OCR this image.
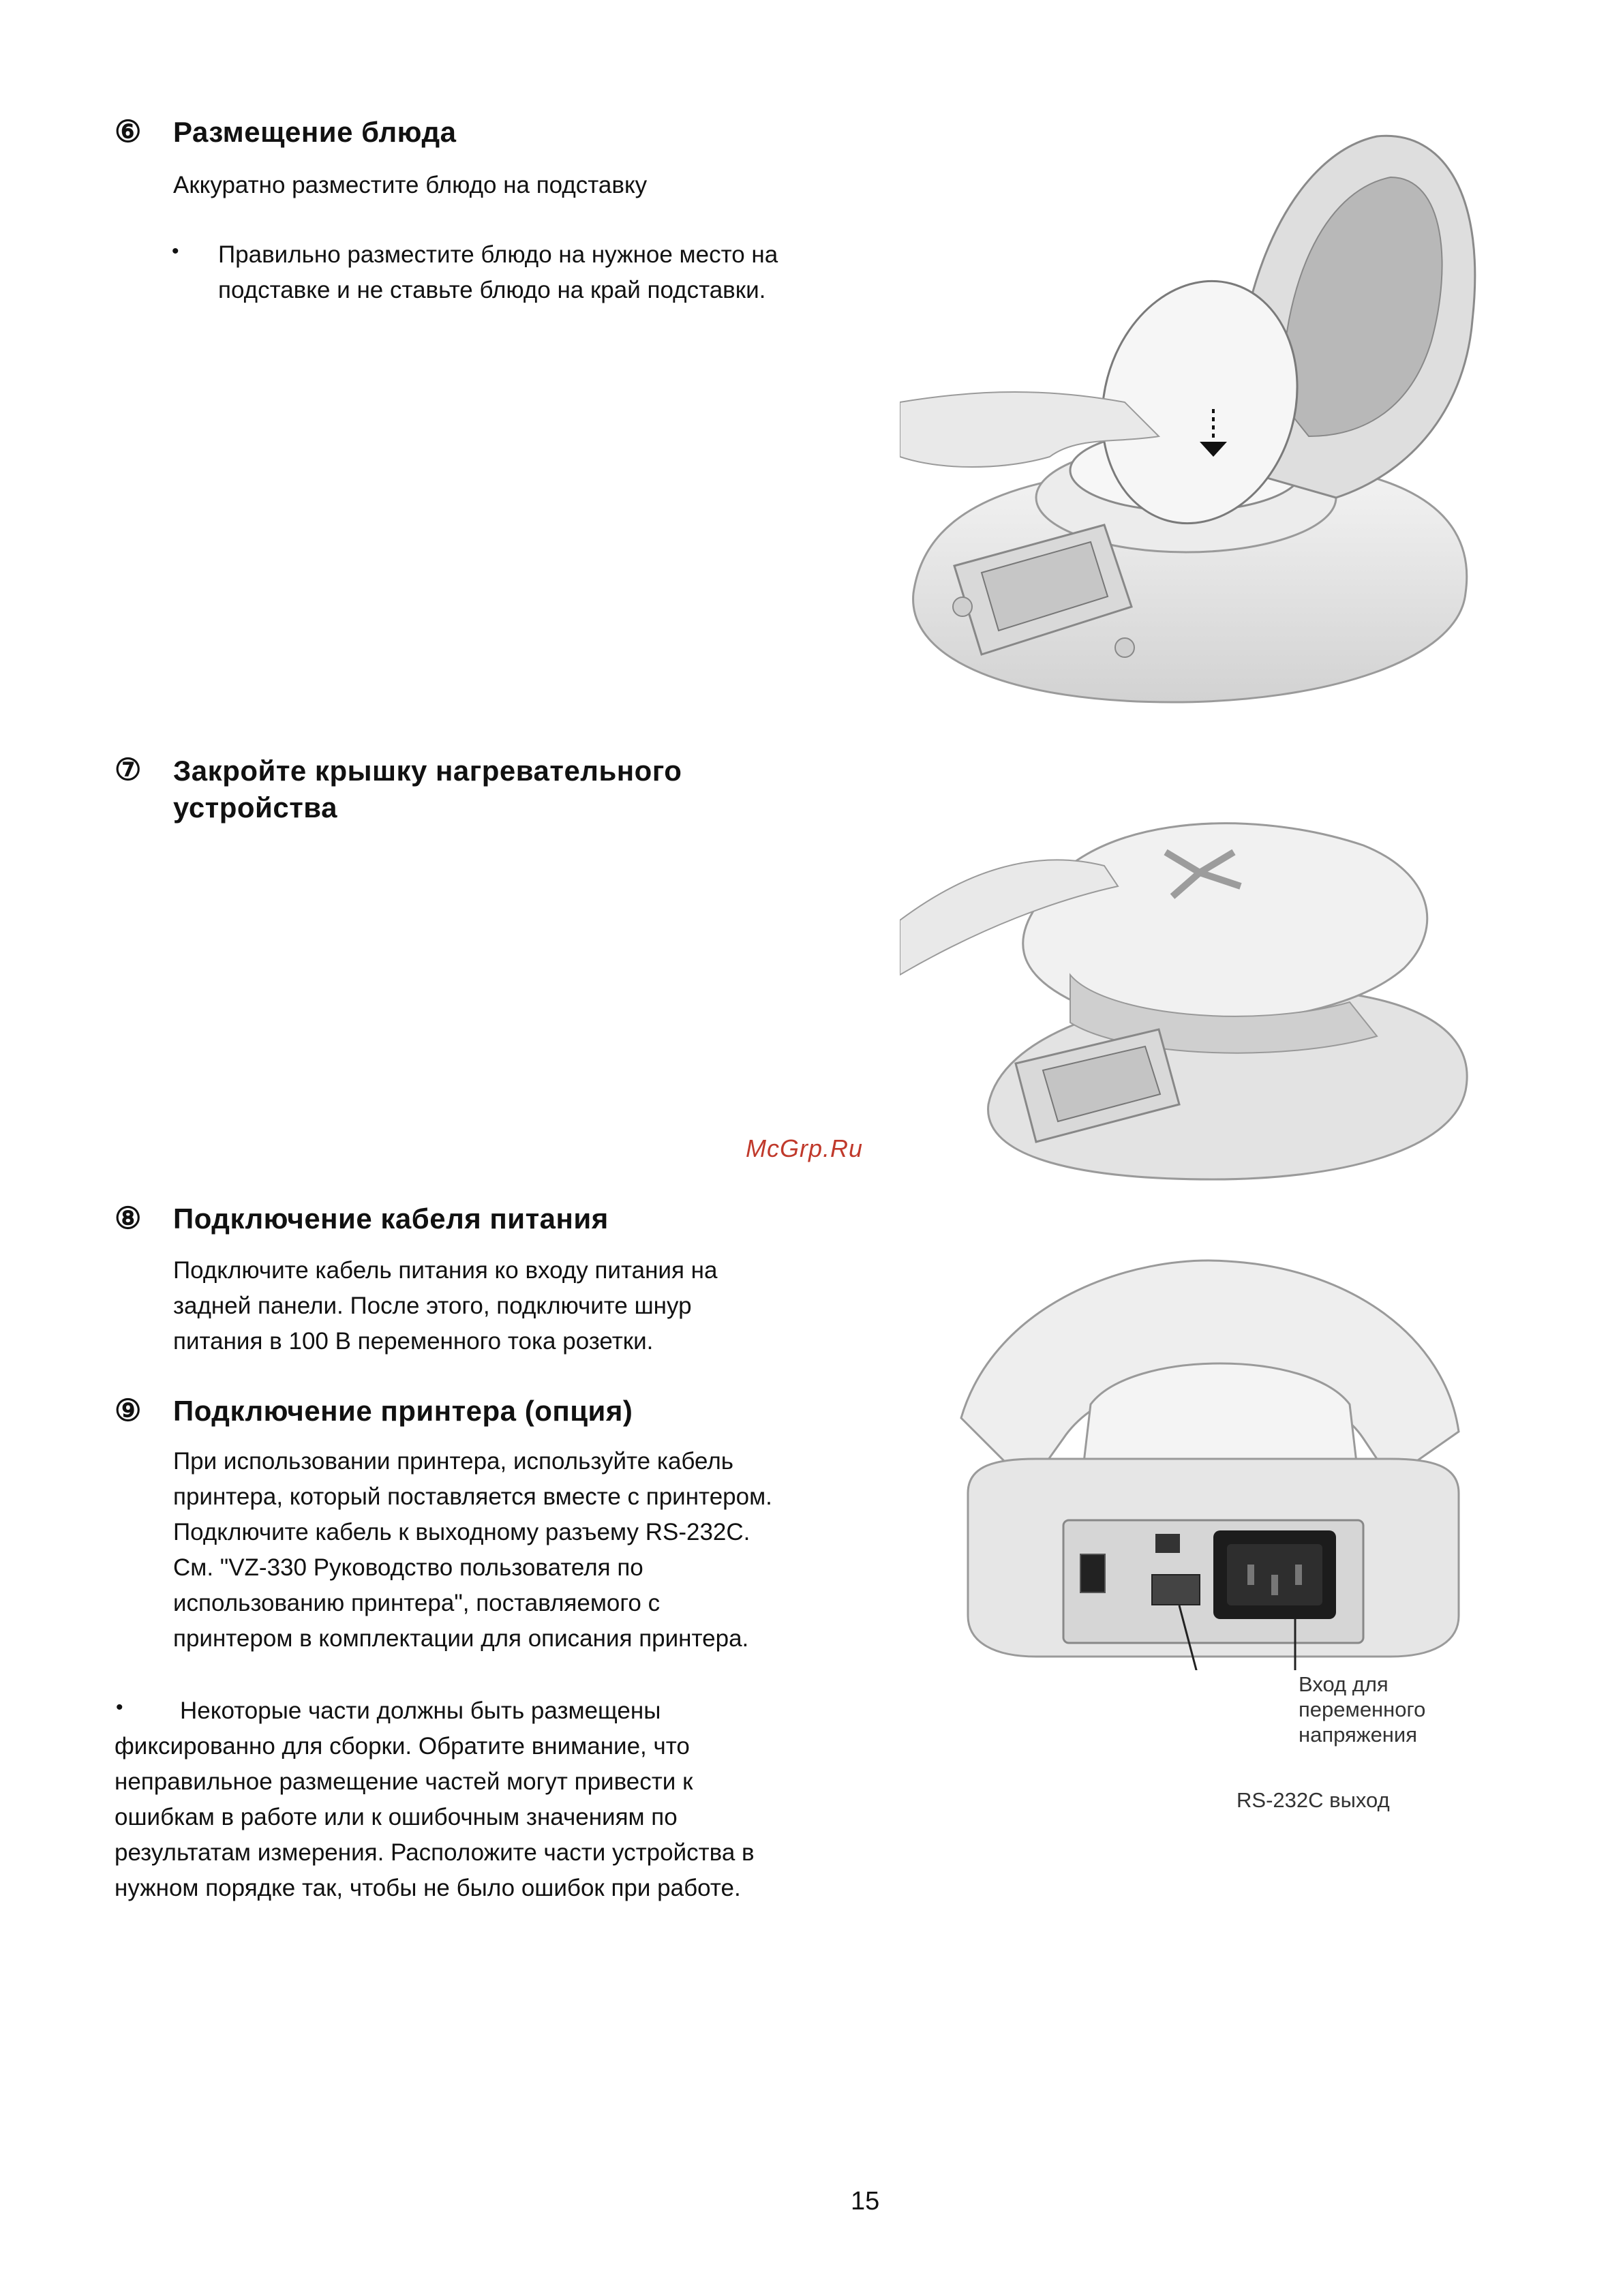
⑥ Размещение блюда
Аккуратно разместите блюдо на подставку
• Правильно разместите блюдо на нужное место на
подставке и не ставьте блюдо на край подставки.
⑦ Закройте крышку нагревательного
устройства
⑧ Подключение кабеля питания
Подключите кабель питания ко входу питания на
задней панели. После этого, подключите шнур
питания в 100 В переменного тока розетки.
⑨ Подключение принтера (опция)
При использовании принтера, используйте кабель
принтера, который поставляется вместе с принтером.
Подключите кабель к выходному разъему RS-232C.
См. "VZ-330 Руководство пользователя по
использованию принтера", поставляемого с
принтером в комплектации для описания принтера.
•	Некоторые части должны быть размещены
фиксированно для сборки. Обратите внимание, что
неправильное размещение частей могут привести к
ошибкам в работе или к ошибочным значениям по
результатам измерения. Расположите части устройства в
нужном порядке так, чтобы не было ошибок при работе.
McGrp.Ru
Вход для
переменного
напряжения
RS-232C выход
15
